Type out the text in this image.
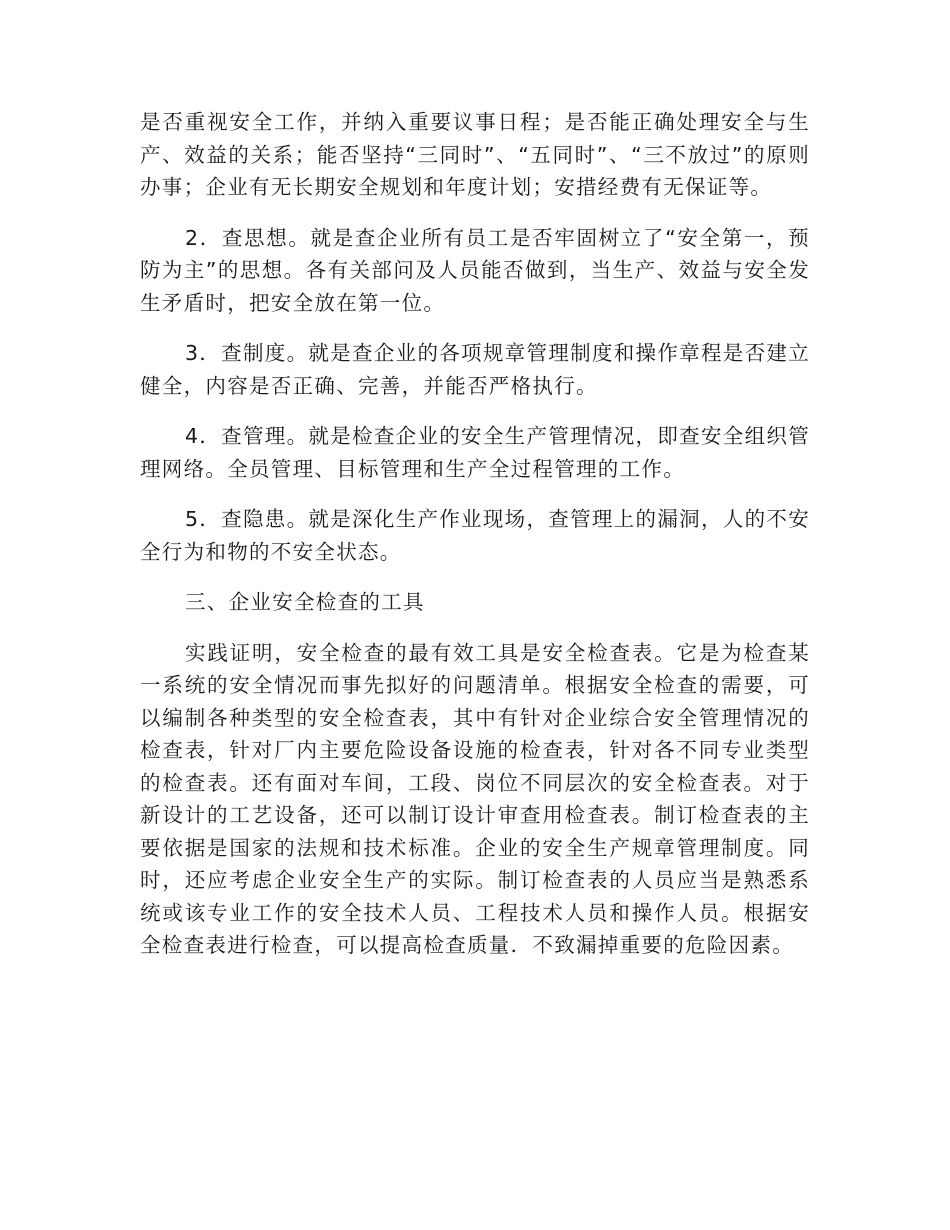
是否重视安全工作，并纳入重要议事日程；是否能正确处理安全与生产、效益的关系；能否坚持“三同时”、“五同时”、“三不放过”的原则办事；企业有无长期安全规划和年度计划；安措经费有无保证等。

2．查思想。就是查企业所有员工是否牢固树立了“安全第一，预防为主”的思想。各有关部问及人员能否做到，当生产、效益与安全发生矛盾时，把安全放在第一位。

3．查制度。就是查企业的各项规章管理制度和操作章程是否建立健全，内容是否正确、完善，并能否严格执行。

4．查管理。就是检查企业的安全生产管理情况，即查安全组织管理网络。全员管理、目标管理和生产全过程管理的工作。

5．查隐患。就是深化生产作业现场，查管理上的漏洞，人的不安全行为和物的不安全状态。

三、企业安全检查的工具

实践证明，安全检查的最有效工具是安全检查表。它是为检查某一系统的安全情况而事先拟好的问题清单。根据安全检查的需要，可以编制各种类型的安全检查表，其中有针对企业综合安全管理情况的检查表，针对厂内主要危险设备设施的检查表，针对各不同专业类型的检查表。还有面对车间，工段、岗位不同层次的安全检查表。对于新设计的工艺设备，还可以制订设计审查用检查表。制订检查表的主要依据是国家的法规和技术标准。企业的安全生产规章管理制度。同时，还应考虑企业安全生产的实际。制订检查表的人员应当是熟悉系统或该专业工作的安全技术人员、工程技术人员和操作人员。根据安全检查表进行检查，可以提高检查质量．不致漏掉重要的危险因素。
